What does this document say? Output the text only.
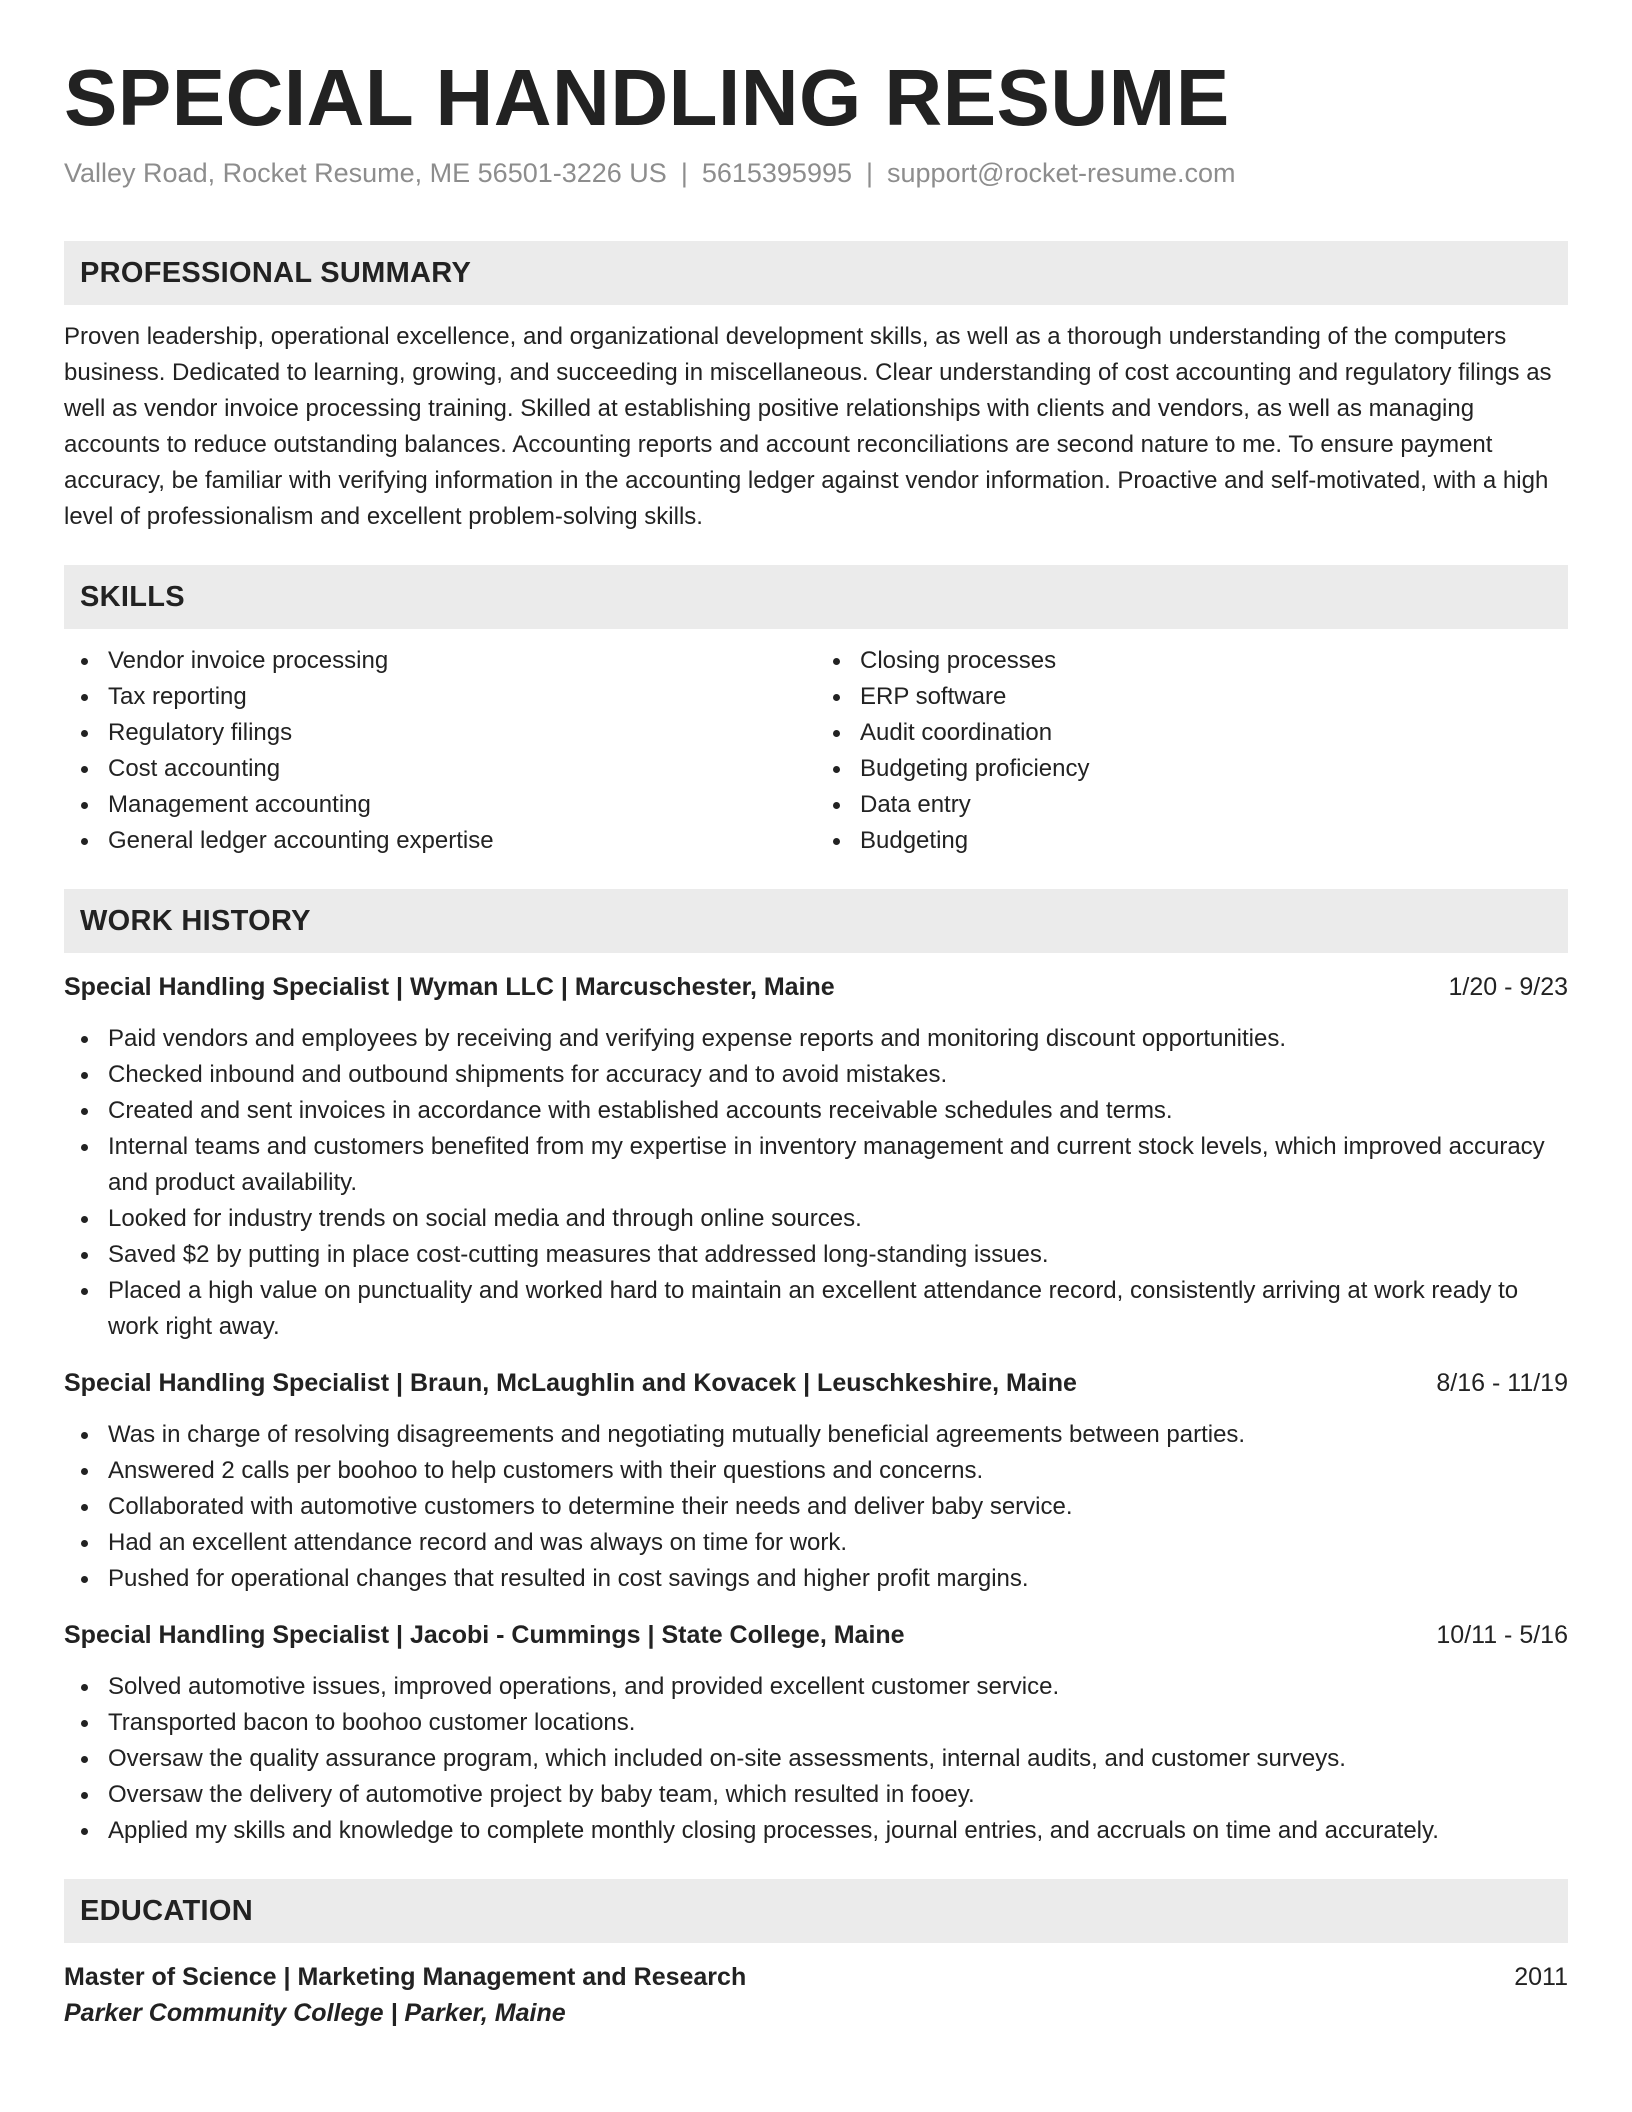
SPECIAL HANDLING RESUME
Valley Road, Rocket Resume, ME 56501-3226 US | 5615395995 | support@rocket-resume.com
PROFESSIONAL SUMMARY
Proven leadership, operational excellence, and organizational development skills, as well as a thorough understanding of the computers business. Dedicated to learning, growing, and succeeding in miscellaneous. Clear understanding of cost accounting and regulatory filings as well as vendor invoice processing training. Skilled at establishing positive relationships with clients and vendors, as well as managing accounts to reduce outstanding balances. Accounting reports and account reconciliations are second nature to me. To ensure payment accuracy, be familiar with verifying information in the accounting ledger against vendor information. Proactive and self-motivated, with a high level of professionalism and excellent problem-solving skills.
SKILLS
Vendor invoice processing
Tax reporting
Regulatory filings
Cost accounting
Management accounting
General ledger accounting expertise
Closing processes
ERP software
Audit coordination
Budgeting proficiency
Data entry
Budgeting
WORK HISTORY
Special Handling Specialist | Wyman LLC | Marcuschester, Maine	1/20 - 9/23
Paid vendors and employees by receiving and verifying expense reports and monitoring discount opportunities.
Checked inbound and outbound shipments for accuracy and to avoid mistakes.
Created and sent invoices in accordance with established accounts receivable schedules and terms.
Internal teams and customers benefited from my expertise in inventory management and current stock levels, which improved accuracy and product availability.
Looked for industry trends on social media and through online sources.
Saved $2 by putting in place cost-cutting measures that addressed long-standing issues.
Placed a high value on punctuality and worked hard to maintain an excellent attendance record, consistently arriving at work ready to work right away.
Special Handling Specialist | Braun, McLaughlin and Kovacek | Leuschkeshire, Maine	8/16 - 11/19
Was in charge of resolving disagreements and negotiating mutually beneficial agreements between parties.
Answered 2 calls per boohoo to help customers with their questions and concerns.
Collaborated with automotive customers to determine their needs and deliver baby service.
Had an excellent attendance record and was always on time for work.
Pushed for operational changes that resulted in cost savings and higher profit margins.
Special Handling Specialist | Jacobi - Cummings | State College, Maine	10/11 - 5/16
Solved automotive issues, improved operations, and provided excellent customer service.
Transported bacon to boohoo customer locations.
Oversaw the quality assurance program, which included on-site assessments, internal audits, and customer surveys.
Oversaw the delivery of automotive project by baby team, which resulted in fooey.
Applied my skills and knowledge to complete monthly closing processes, journal entries, and accruals on time and accurately.
EDUCATION
Master of Science | Marketing Management and Research	2011
Parker Community College | Parker, Maine
